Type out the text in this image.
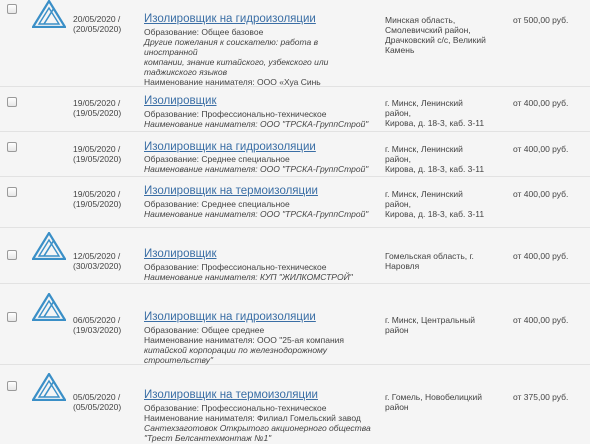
20/05/2020 /
(20/05/2020)
Изолировщик на гидроизоляции
Образование: Общее базовое
Другие пожелания к соискателю: работа в иностранной
компании, знание китайского, узбекского или
таджикского языков
Наименование нанимателя: ООО «Хуа Синь
Минская область,
Смолевичский район,
Драчковский с/с, Великий
Камень
от 500,00 руб.
19/05/2020 /
(19/05/2020)
Изолировщик
Образование: Профессионально-техническое
Наименование нанимателя: ООО "ТРСКА-ГруппСтрой"
г. Минск, Ленинский район,
Кирова, д. 18-3, каб. 3-11
от 400,00 руб.
19/05/2020 /
(19/05/2020)
Изолировщик на гидроизоляции
Образование: Среднее специальное
Наименование нанимателя: ООО "ТРСКА-ГруппСтрой"
г. Минск, Ленинский район,
Кирова, д. 18-3, каб. 3-11
от 400,00 руб.
19/05/2020 /
(19/05/2020)
Изолировщик на термоизоляции
Образование: Среднее специальное
Наименование нанимателя: ООО "ТРСКА-ГруппСтрой"
г. Минск, Ленинский район,
Кирова, д. 18-3, каб. 3-11
от 400,00 руб.
12/05/2020 /
(30/03/2020)
Изолировщик
Образование: Профессионально-техническое
Наименование нанимателя: КУП "ЖИЛКОМСТРОЙ"
Гомельская область, г.
Наровля
от 400,00 руб.
06/05/2020 /
(19/03/2020)
Изолировщик на гидроизоляции
Образование: Общее среднее
Наименование нанимателя: ООО "25-ая компания
китайской корпорации по железнодорожному
строительству"
г. Минск, Центральный район
от 400,00 руб.
05/05/2020 /
(05/05/2020)
Изолировщик на термоизоляции
Образование: Профессионально-техническое
Наименование нанимателя: Филиал Гомельский завод
Сантехзаготовок Открытого акционерного общества
"Трест Белсантехмонтаж №1"
г. Гомель, Новобелицкий
район
от 375,00 руб.
